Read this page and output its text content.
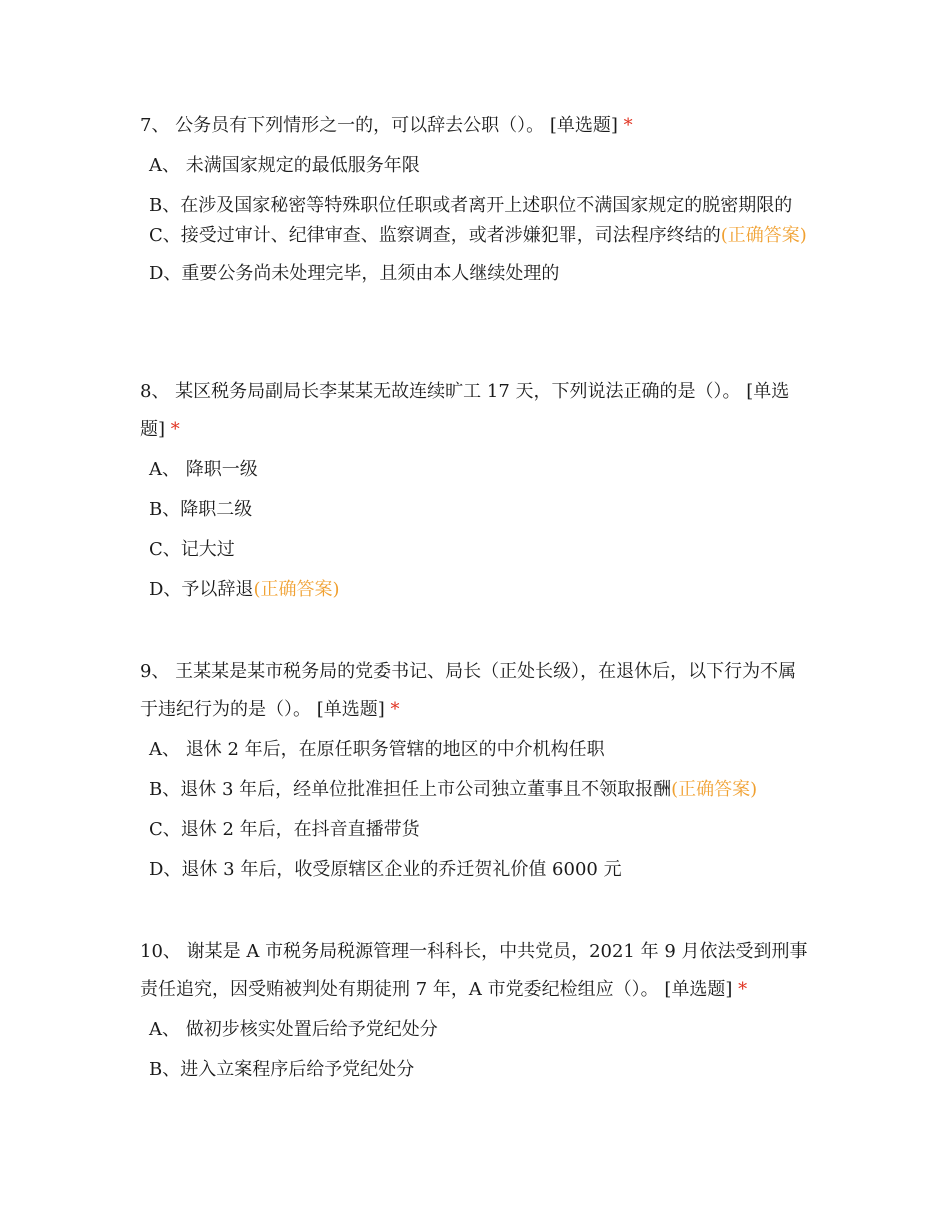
7、 公务员有下列情形之一的，可以辞去公职（）。 [单选题] *

A、 未满国家规定的最低服务年限
B、在涉及国家秘密等特殊职位任职或者离开上述职位不满国家规定的脱密期限的
C、接受过审计、纪律审查、监察调查，或者涉嫌犯罪，司法程序终结的(正确答案)
D、重要公务尚未处理完毕，且须由本人继续处理的

8、 某区税务局副局长李某某无故连续旷工 17 天，下列说法正确的是（）。 [单选题] *

A、 降职一级
B、降职二级
C、记大过
D、予以辞退(正确答案)

9、 王某某是某市税务局的党委书记、局长（正处长级），在退休后，以下行为不属于违纪行为的是（）。 [单选题] *

A、 退休 2 年后，在原任职务管辖的地区的中介机构任职
B、退休 3 年后，经单位批准担任上市公司独立董事且不领取报酬(正确答案)
C、退休 2 年后，在抖音直播带货
D、退休 3 年后，收受原辖区企业的乔迁贺礼价值 6000 元

10、 谢某是 A 市税务局税源管理一科科长，中共党员，2021 年 9 月依法受到刑事责任追究，因受贿被判处有期徒刑 7 年，A 市党委纪检组应（）。 [单选题] *

A、 做初步核实处置后给予党纪处分
B、进入立案程序后给予党纪处分
